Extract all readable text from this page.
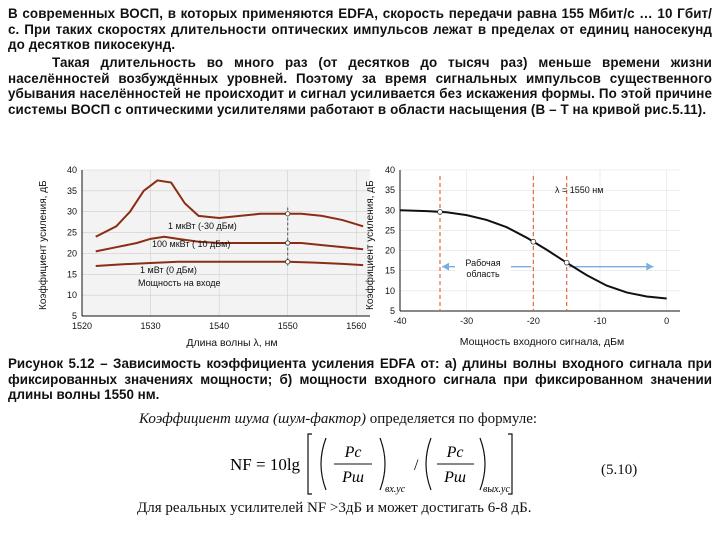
В современных ВОСП, в которых применяются EDFA, скорость передачи равна 155 Мбит/с … 10 Гбит/с. При таких скоростях длительности оптических импульсов лежат в пределах от единиц наносекунд до десятков пикосекунд.
Такая длительность во много раз (от десятков до тысяч раз) меньше времени жизни населённостей возбуждённых уровней. Поэтому за время сигнальных импульсов существенного убывания населённостей не происходит и сигнал усиливается без искажения формы. По этой причине системы ВОСП с оптическими усилителями работают в области насыщения (В – Т на кривой рис.5.11).
5
10
15
20
25
30
35
40
1520	1530	1540	1550	1560
Коэффициент усиления, дБ
Длина волны λ, нм
1 мкВт (-30 дБм)
100 мкВт ( 10 дБм)
1 мВт (0 дБм)
Мощность на входе
5
10
15
20
25
30
35
40
-40	-30	-20	-10	0
Коэффициент усиления, дБ
Мощность входного сигнала, дБм
λ = 1550 нм
Рабочая область
Рисунок 5.12 – Зависимость коэффициента усиления EDFA от: а) длины волны входного сигнала при фиксированных значениях мощности; б) мощности входного сигнала при фиксированном значении длины волны 1550 нм.
Коэффициент шума (шум-фактор) определяется по формуле:
NF = 10lg
Pc
Pш
вх.ус
/
Pc
Pш
вых.ус
(5.10)
Для реальных усилителей NF >3дБ и может достигать 6-8 дБ.
